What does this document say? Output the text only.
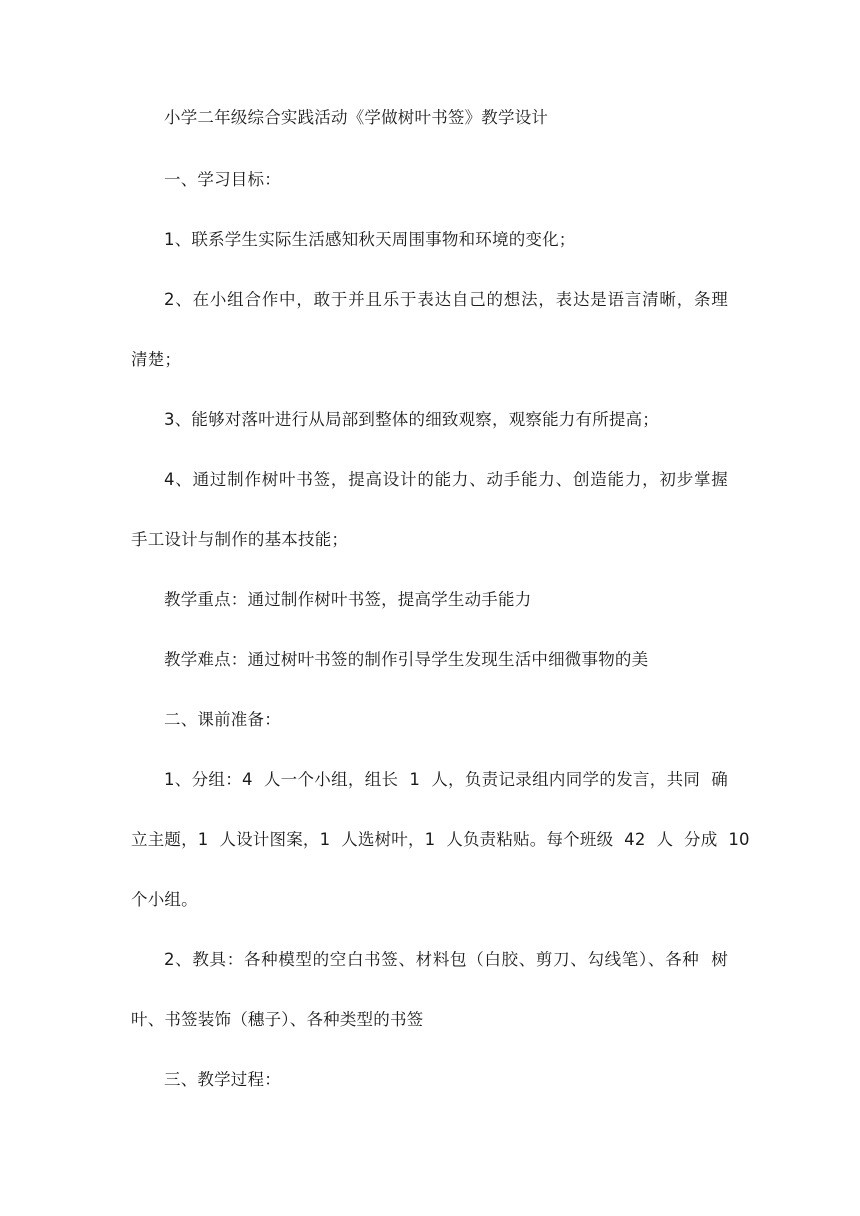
小学二年级综合实践活动《学做树叶书签》教学设计
一、学习目标：
1、联系学生实际生活感知秋天周围事物和环境的变化；
2、在小组合作中，敢于并且乐于表达自己的想法，表达是语言清晰，条理
清楚；
3、能够对落叶进行从局部到整体的细致观察，观察能力有所提高；
4、通过制作树叶书签，提高设计的能力、动手能力、创造能力，初步掌握
手工设计与制作的基本技能；
教学重点：通过制作树叶书签，提高学生动手能力
教学难点：通过树叶书签的制作引导学生发现生活中细微事物的美
二、课前准备：
1、分组：4  人一个小组，组长  1  人，负责记录组内同学的发言，共同  确
立主题，1  人设计图案，1  人选树叶，1  人负责粘贴。每个班级  42  人  分成  10
个小组。
2、教具：各种模型的空白书签、材料包（白胶、剪刀、勾线笔）、各种  树
叶、书签装饰（穗子）、各种类型的书签
三、教学过程：
